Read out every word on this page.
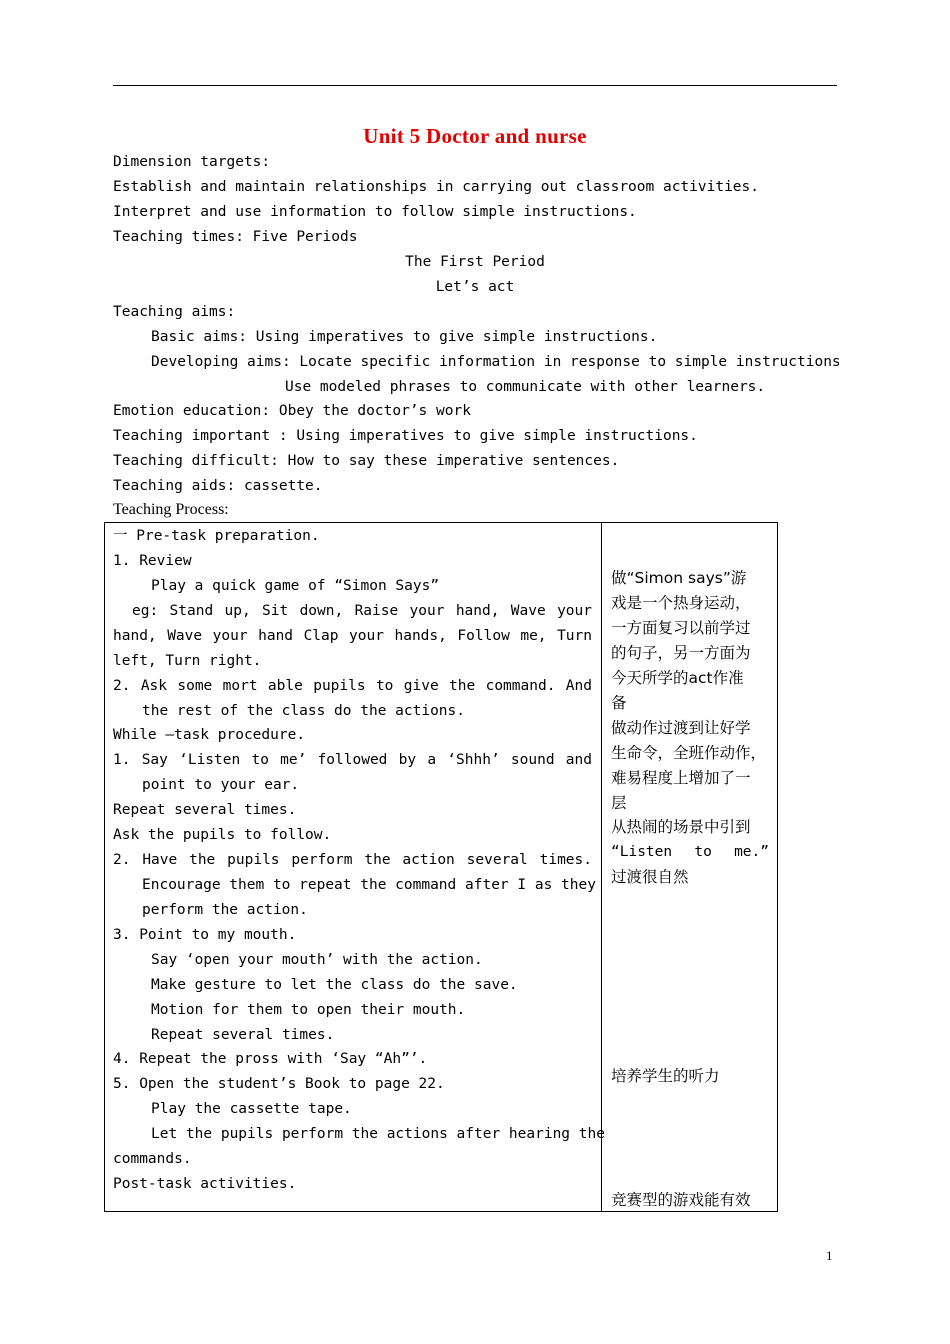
Unit 5 Doctor and nurse
Dimension targets:
Establish and maintain relationships in carrying out classroom activities.
Interpret and use information to follow simple instructions.
Teaching times: Five Periods
The First Period
Let’s act
Teaching aims:
Basic aims: Using imperatives to give simple instructions.
Developing aims: Locate specific information in response to simple instructions
Use modeled phrases to communicate with other learners.
Emotion education: Obey the doctor’s work
Teaching important : Using imperatives to give simple instructions.
Teaching difficult: How to say these imperative sentences.
Teaching aids: cassette.
Teaching Process:
一 Pre-task preparation.
1. Review
Play a quick game of “Simon Says”
eg: Stand up, Sit down, Raise your hand, Wave your
hand, Wave your hand Clap your hands, Follow me, Turn
left, Turn right.
2. Ask some mort able pupils to give the command. And
the rest of the class do the actions.
While –task procedure.
1. Say ‘Listen to me’ followed by a ‘Shhh’ sound and
point to your ear.
Repeat several times.
Ask the pupils to follow.
2. Have the pupils perform the action several times.
Encourage them to repeat the command after I as they
perform the action.
3. Point to my mouth.
Say ‘open your mouth’ with the action.
Make gesture to let the class do the save.
Motion for them to open their mouth.
Repeat several times.
4. Repeat the pross with ‘Say “Ah”’.
5. Open the student’s Book to page 22.
Play the cassette tape.
Let the pupils perform the actions after hearing the
commands.
Post-task activities.
做“Simon says”游
戏是一个热身运动，
一方面复习以前学过
的句子，另一方面为
今天所学的act作准
备
做动作过渡到让好学
生命令，全班作动作，
难易程度上增加了一
层
从热闹的场景中引到
“Listen to me.”
过渡很自然
培养学生的听力
竞赛型的游戏能有效
1
